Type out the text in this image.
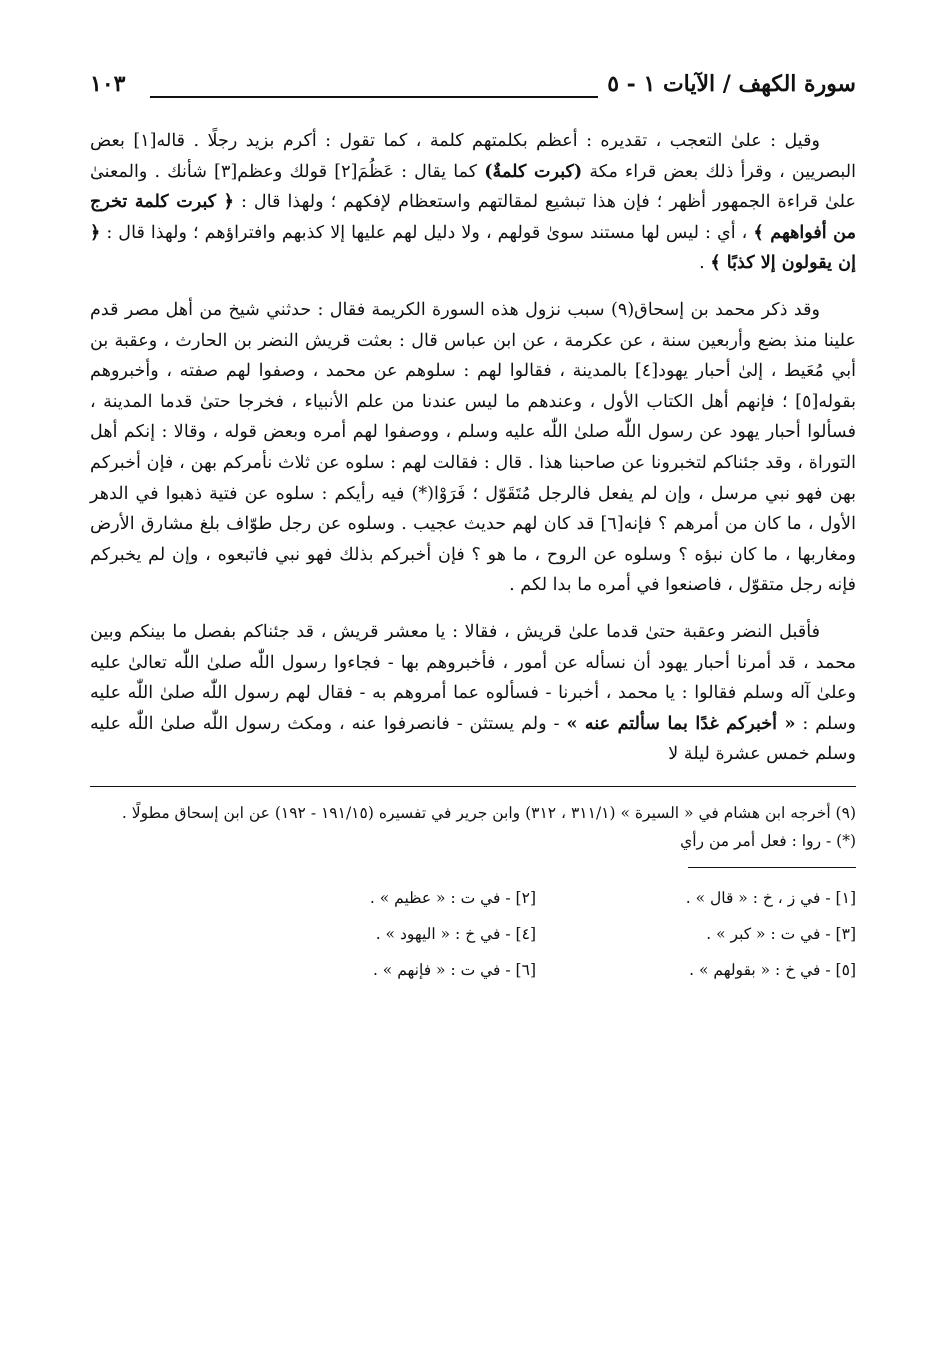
سورة الكهف / الآيات ١ - ٥
١٠٣

وقيل : علىٰ التعجب ، تقديره : أعظم بكلمتهم كلمة ، كما تقول : أكرم بزيد رجلًا . قاله[١] بعض البصريين ، وقرأ ذلك بعض قراء مكة (كبرت كلمةٌ) كما يقال : عَظُمَ[٢] قولك وعظم[٣] شأنك . والمعنىٰ علىٰ قراءة الجمهور أظهر ؛ فإن هذا تبشيع لمقالتهم واستعظام لإفكهم ؛ ولهذا قال : ﴿ كبرت كلمة تخرج من أفواههم ﴾ ، أي : ليس لها مستند سوىٰ قولهم ، ولا دليل لهم عليها إلا كذبهم وافتراؤهم ؛ ولهذا قال : ﴿ إن يقولون إلا كذبًا ﴾ .

وقد ذكر محمد بن إسحاق(٩) سبب نزول هذه السورة الكريمة فقال : حدثني شيخ من أهل مصر قدم علينا منذ بضع وأربعين سنة ، عن عكرمة ، عن ابن عباس قال : بعثت قريش النضر بن الحارث ، وعقبة بن أبي مُعَيط ، إلىٰ أحبار يهود[٤] بالمدينة ، فقالوا لهم : سلوهم عن محمد ، وصفوا لهم صفته ، وأخبروهم بقوله[٥] ؛ فإنهم أهل الكتاب الأول ، وعندهم ما ليس عندنا من علم الأنبياء ، فخرجا حتىٰ قدما المدينة ، فسألوا أحبار يهود عن رسول اللّٰه صلىٰ اللّٰه عليه وسلم ، ووصفوا لهم أمره وبعض قوله ، وقالا : إنكم أهل التوراة ، وقد جئناكم لتخبرونا عن صاحبنا هذا . قال : فقالت لهم : سلوه عن ثلاث نأمركم بهن ، فإن أخبركم بهن فهو نبي مرسل ، وإن لم يفعل فالرجل مُتَقَوّل ؛ فَرَوْا(*) فيه رأيكم : سلوه عن فتية ذهبوا في الدهر الأول ، ما كان من أمرهم ؟ فإنه[٦] قد كان لهم حديث عجيب . وسلوه عن رجل طوّاف بلغ مشارق الأرض ومغاربها ، ما كان نبؤه ؟ وسلوه عن الروح ، ما هو ؟ فإن أخبركم بذلك فهو نبي فاتبعوه ، وإن لم يخبركم فإنه رجل متقوّل ، فاصنعوا في أمره ما بدا لكم .

فأقبل النضر وعقبة حتىٰ قدما علىٰ قريش ، فقالا : يا معشر قريش ، قد جئناكم بفصل ما بينكم وبين محمد ، قد أمرنا أحبار يهود أن نسأله عن أمور ، فأخبروهم بها - فجاءوا رسول اللّٰه صلىٰ اللّٰه تعالىٰ عليه وعلىٰ آله وسلم فقالوا : يا محمد ، أخبرنا - فسألوه عما أمروهم به - فقال لهم رسول اللّٰه صلىٰ اللّٰه عليه وسلم : « أخبركم غدًا بما سألتم عنه » - ولم يستثن - فانصرفوا عنه ، ومكث رسول اللّٰه صلىٰ اللّٰه عليه وسلم خمس عشرة ليلة لا

(٩) أخرجه ابن هشام في « السيرة » (٣١١/١ ، ٣١٢) وابن جرير في تفسيره (١٩١/١٥ - ١٩٢) عن ابن إسحاق مطولًا .

(*) - روا : فعل أمر من رأي

[١] - في ز ، خ : « قال » .
[٢] - في ت : « عظيم » .
[٣] - في ت : « كبر » .
[٤] - في خ : « اليهود » .
[٥] - في خ : « بقولهم » .
[٦] - في ت : « فإنهم » .
